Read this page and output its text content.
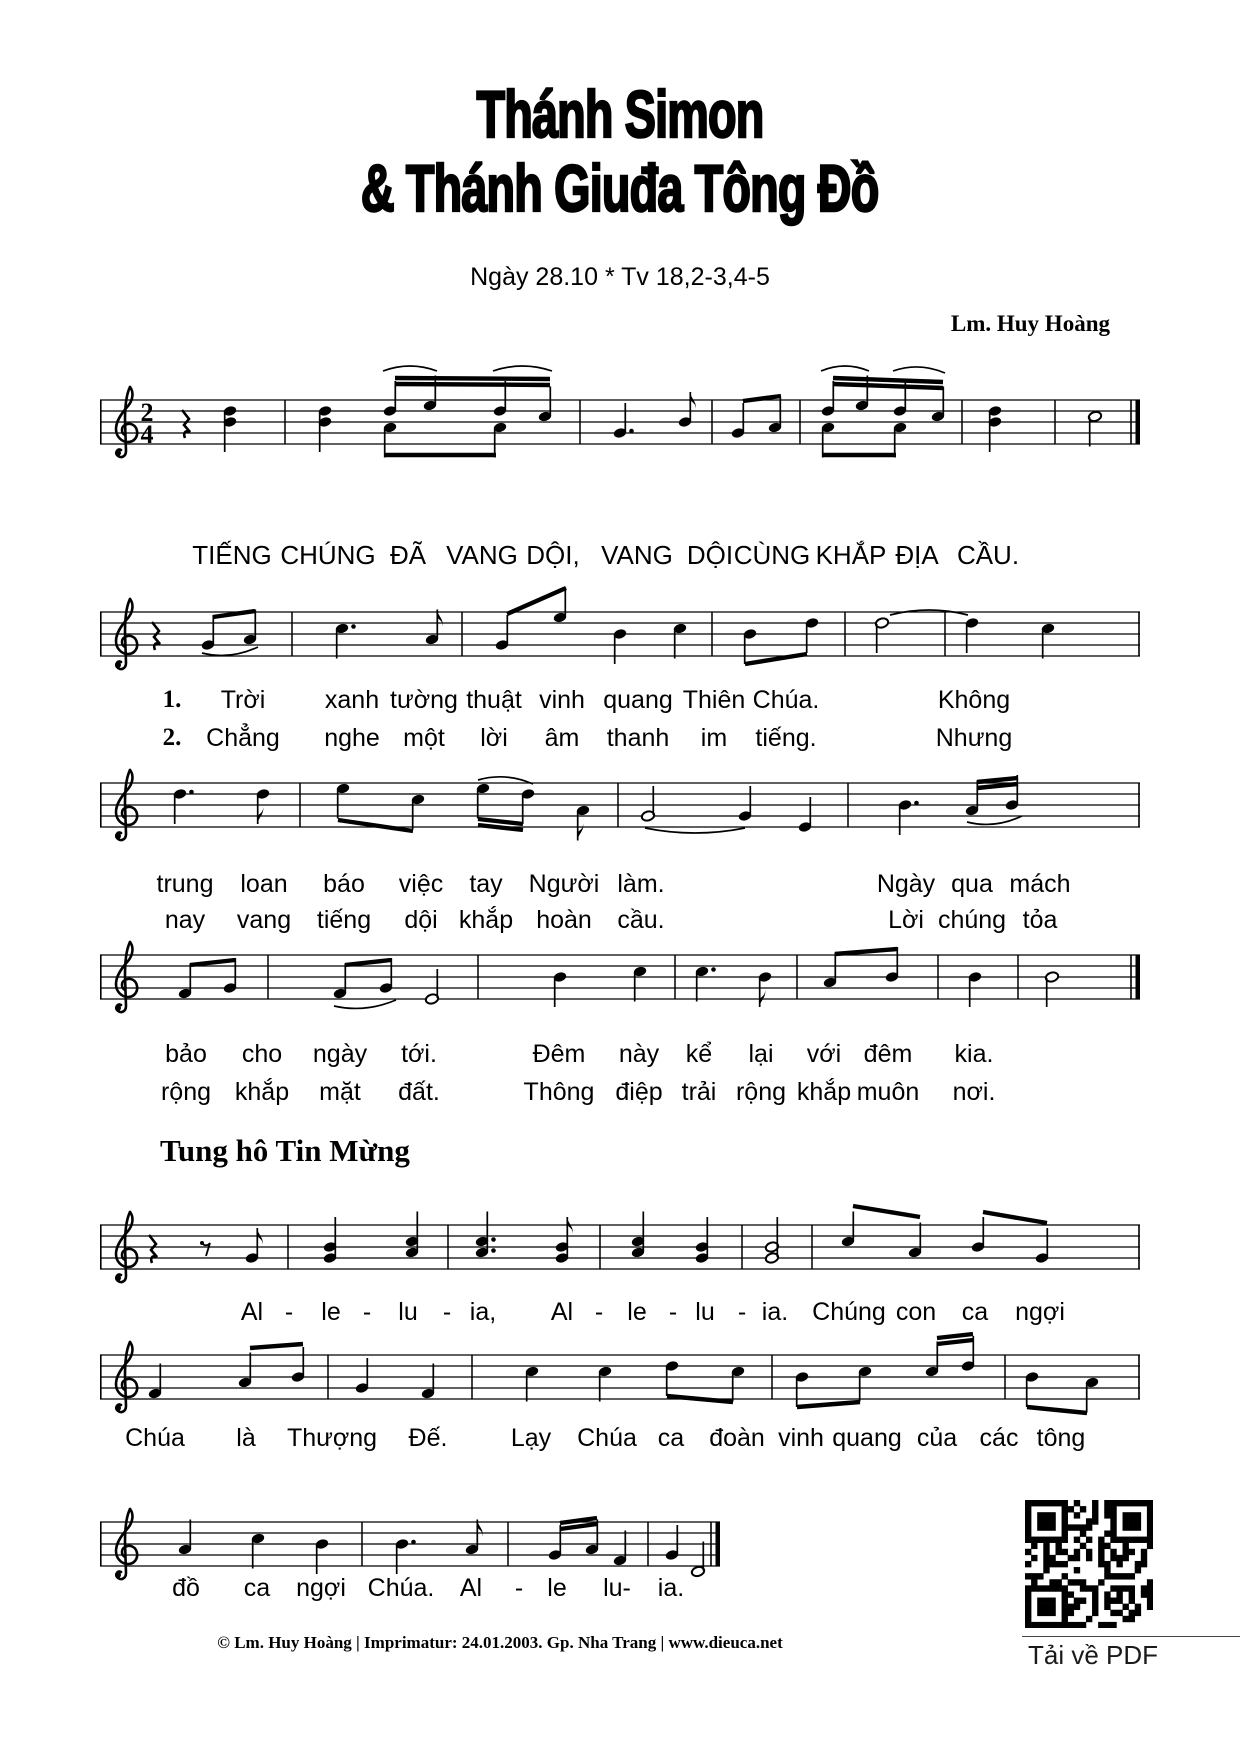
Thánh Simon
& Thánh Giuđa Tông Đồ
Ngày 28.10 * Tv 18,2-3,4-5
Lm. Huy Hoàng
Tung hô Tin Mừng
2
4
TIẾNG CHÚNG ĐÃ VANG DỘI, VANG DỘI CÙNG KHẮP ĐỊA CẦU.
1. Trời xanh tường thuật vinh quang Thiên Chúa.	Không
2. Chẳng nghe một lời âm thanh im tiếng.	Nhưng
trung loan báo việc tay Người làm.	Ngày qua mách
nay vang tiếng dội khắp hoàn cầu.	Lời chúng tỏa
bảo cho ngày tới.	Đêm này kể lại với đêm kia.
rộng khắp mặt đất.	Thông điệp trải rộng khắp muôn nơi.
Al - le - lu - ia, Al - le - lu - ia. Chúng con ca ngợi
Chúa là Thượng Đế.	Lạy Chúa ca đoàn vinh quang của các tông
đồ ca ngợi Chúa. Al - le lu- ia.
Tải về PDF
© Lm. Huy Hoàng | Imprimatur: 24.01.2003. Gp. Nha Trang | www.dieuca.net
